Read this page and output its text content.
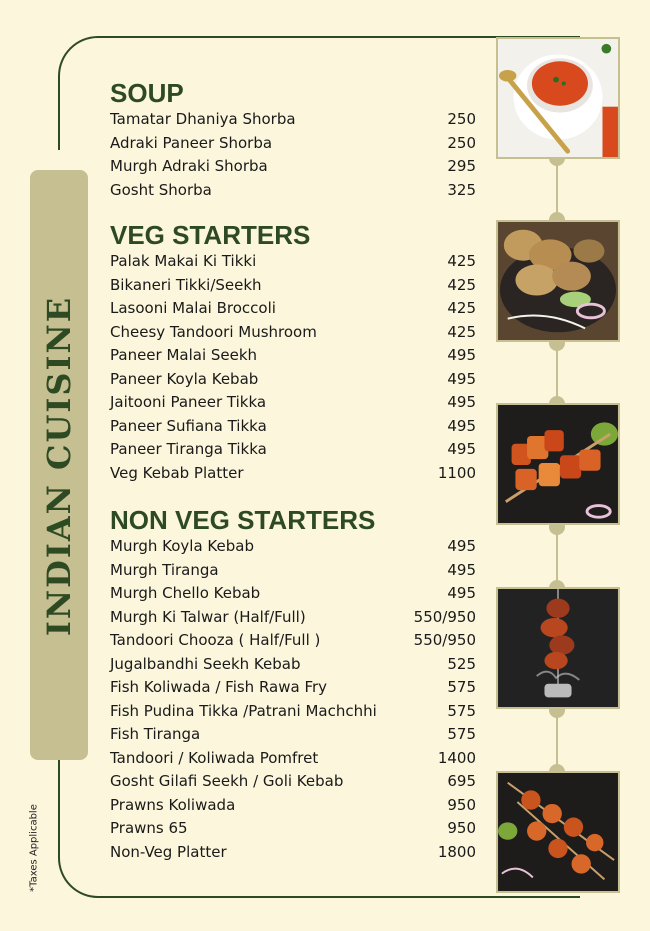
INDIAN CUISINE
*Taxes Applicable
SOUP
Tamatar Dhaniya Shorba	250
Adraki Paneer Shorba	250
Murgh Adraki Shorba	295
Gosht Shorba	325
VEG STARTERS
Palak Makai Ki Tikki	425
Bikaneri Tikki/Seekh	425
Lasooni Malai Broccoli	425
Cheesy Tandoori Mushroom	425
Paneer Malai Seekh	495
Paneer Koyla Kebab	495
Jaitooni Paneer Tikka	495
Paneer Sufiana Tikka	495
Paneer Tiranga Tikka	495
Veg Kebab Platter	1100
NON VEG STARTERS
Murgh Koyla Kebab	495
Murgh Tiranga	495
Murgh Chello Kebab	495
Murgh Ki Talwar (Half/Full)	550/950
Tandoori Chooza ( Half/Full )	550/950
Jugalbandhi Seekh Kebab	525
Fish Koliwada / Fish Rawa Fry	575
Fish Pudina Tikka /Patrani Machchhi	575
Fish Tiranga	575
Tandoori / Koliwada Pomfret	1400
Gosht Gilafi Seekh / Goli Kebab	695
Prawns Koliwada	950
Prawns 65	950
Non-Veg Platter	1800
